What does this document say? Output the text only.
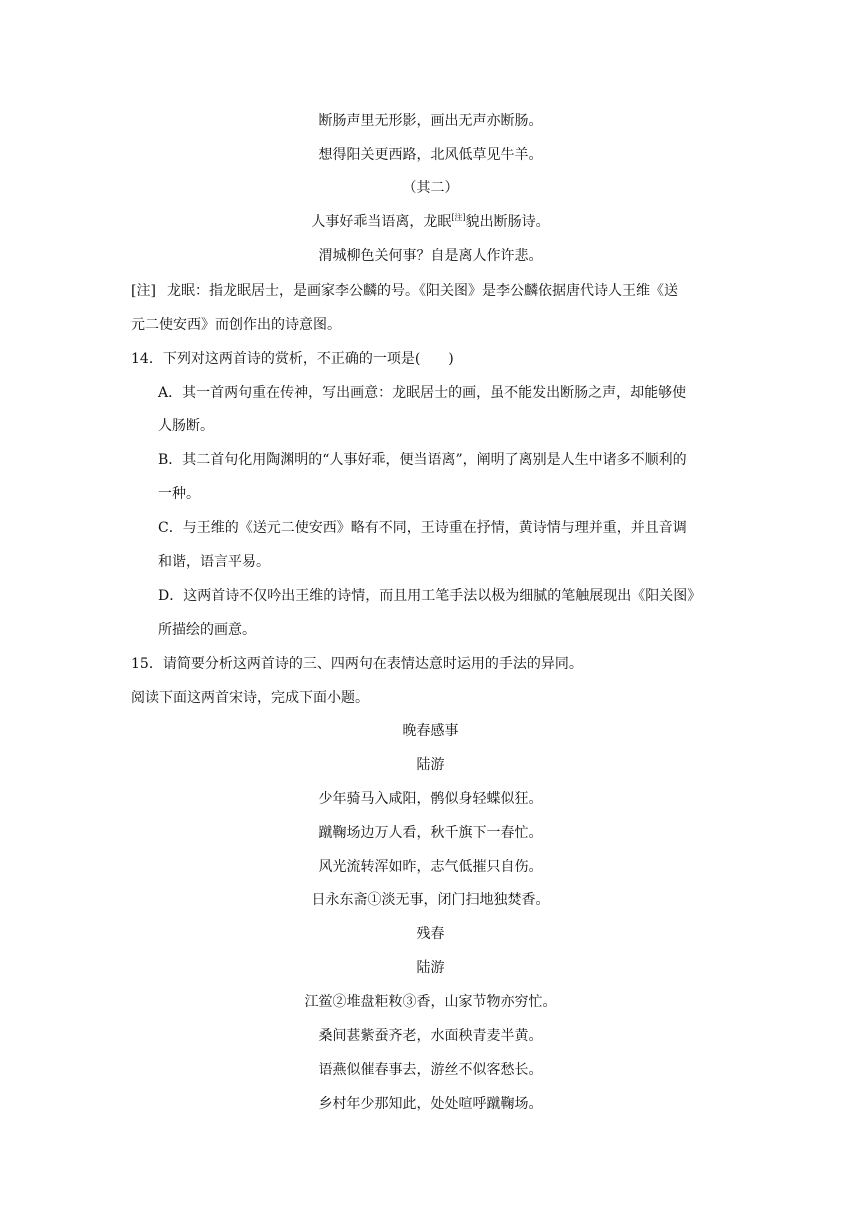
断肠声里无形影，画出无声亦断肠。
想得阳关更西路，北风低草见牛羊。
（其二）
人事好乖当语离，龙眠[注]貌出断肠诗。
渭城柳色关何事？自是离人作许悲。
[注] 龙眠：指龙眠居士，是画家李公麟的号。《阳关图》是李公麟依据唐代诗人王维《送
元二使安西》而创作出的诗意图。
14．下列对这两首诗的赏析，不正确的一项是(　　)
A．其一首两句重在传神，写出画意：龙眠居士的画，虽不能发出断肠之声，却能够使
人肠断。
B．其二首句化用陶渊明的“人事好乖，便当语离”，阐明了离别是人生中诸多不顺利的
一种。
C．与王维的《送元二使安西》略有不同，王诗重在抒情，黄诗情与理并重，并且音调
和谐，语言平易。
D．这两首诗不仅吟出王维的诗情，而且用工笔手法以极为细腻的笔触展现出《阳关图》
所描绘的画意。
15．请简要分析这两首诗的三、四两句在表情达意时运用的手法的异同。
阅读下面这两首宋诗，完成下面小题。
晚春感事
陆游
少年骑马入咸阳，鹘似身轻蝶似狂。
蹴鞠场边万人看，秋千旗下一春忙。
风光流转浑如昨，志气低摧只自伤。
日永东斋①淡无事，闭门扫地独焚香。
残春
陆游
江鲎②堆盘粔籹③香，山家节物亦穷忙。
桑间葚紫蚕齐老，水面秧青麦半黄。
语燕似催春事去，游丝不似客愁长。
乡村年少那知此，处处喧呼蹴鞠场。
